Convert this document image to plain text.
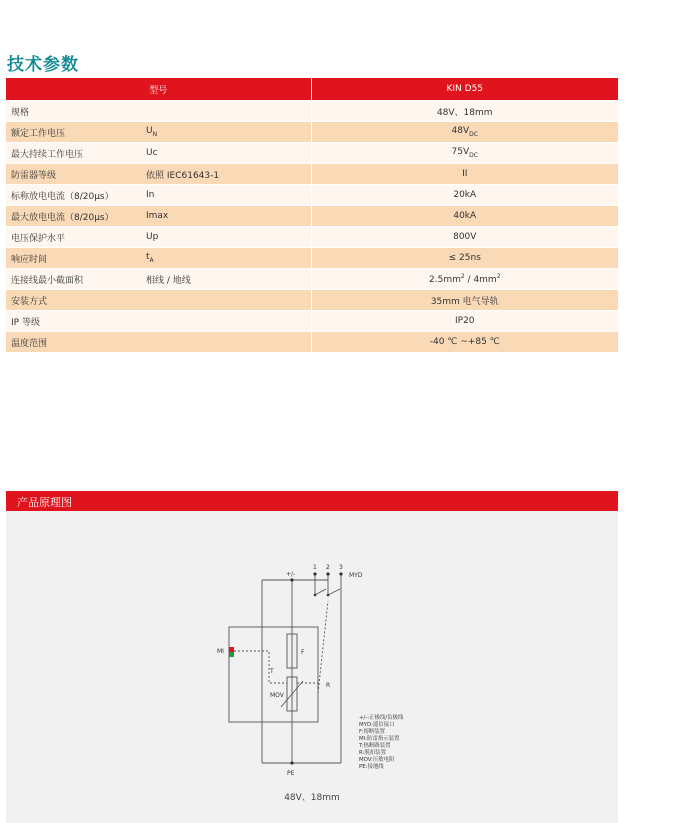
技术参数
型号		KIN D55
规格		48V、18mm
额定工作电压	$U_N$	$48V_{DC}$
最大持续工作电压	Uc	$75V_{DC}$
防雷器等级	依照 IEC61643-1	II
标称放电电流（8/20μs）	In	20kA
最大放电电流（8/20μs）	Imax	40kA
电压保护水平	Up	800V
响应时间	$t_A$	≤ 25ns
连接线最小截面积	相线 / 地线	$2.5mm^2 / 4mm^2$
安装方式		35mm 电气导轨
IP 等级		IP20
温度范围		-40 ℃ ~+85 ℃
产品原理图
+/-
1 2 3
MYD
MI	F
T
R
MOV
PE
+/-:正极线/负极线
MYD:遥信接口
F:熔断装置
MI:防雷指示装置
T:热断路装置
R:脱扣装置
MOV:压敏电阻
PE:接地线
48V、18mm
